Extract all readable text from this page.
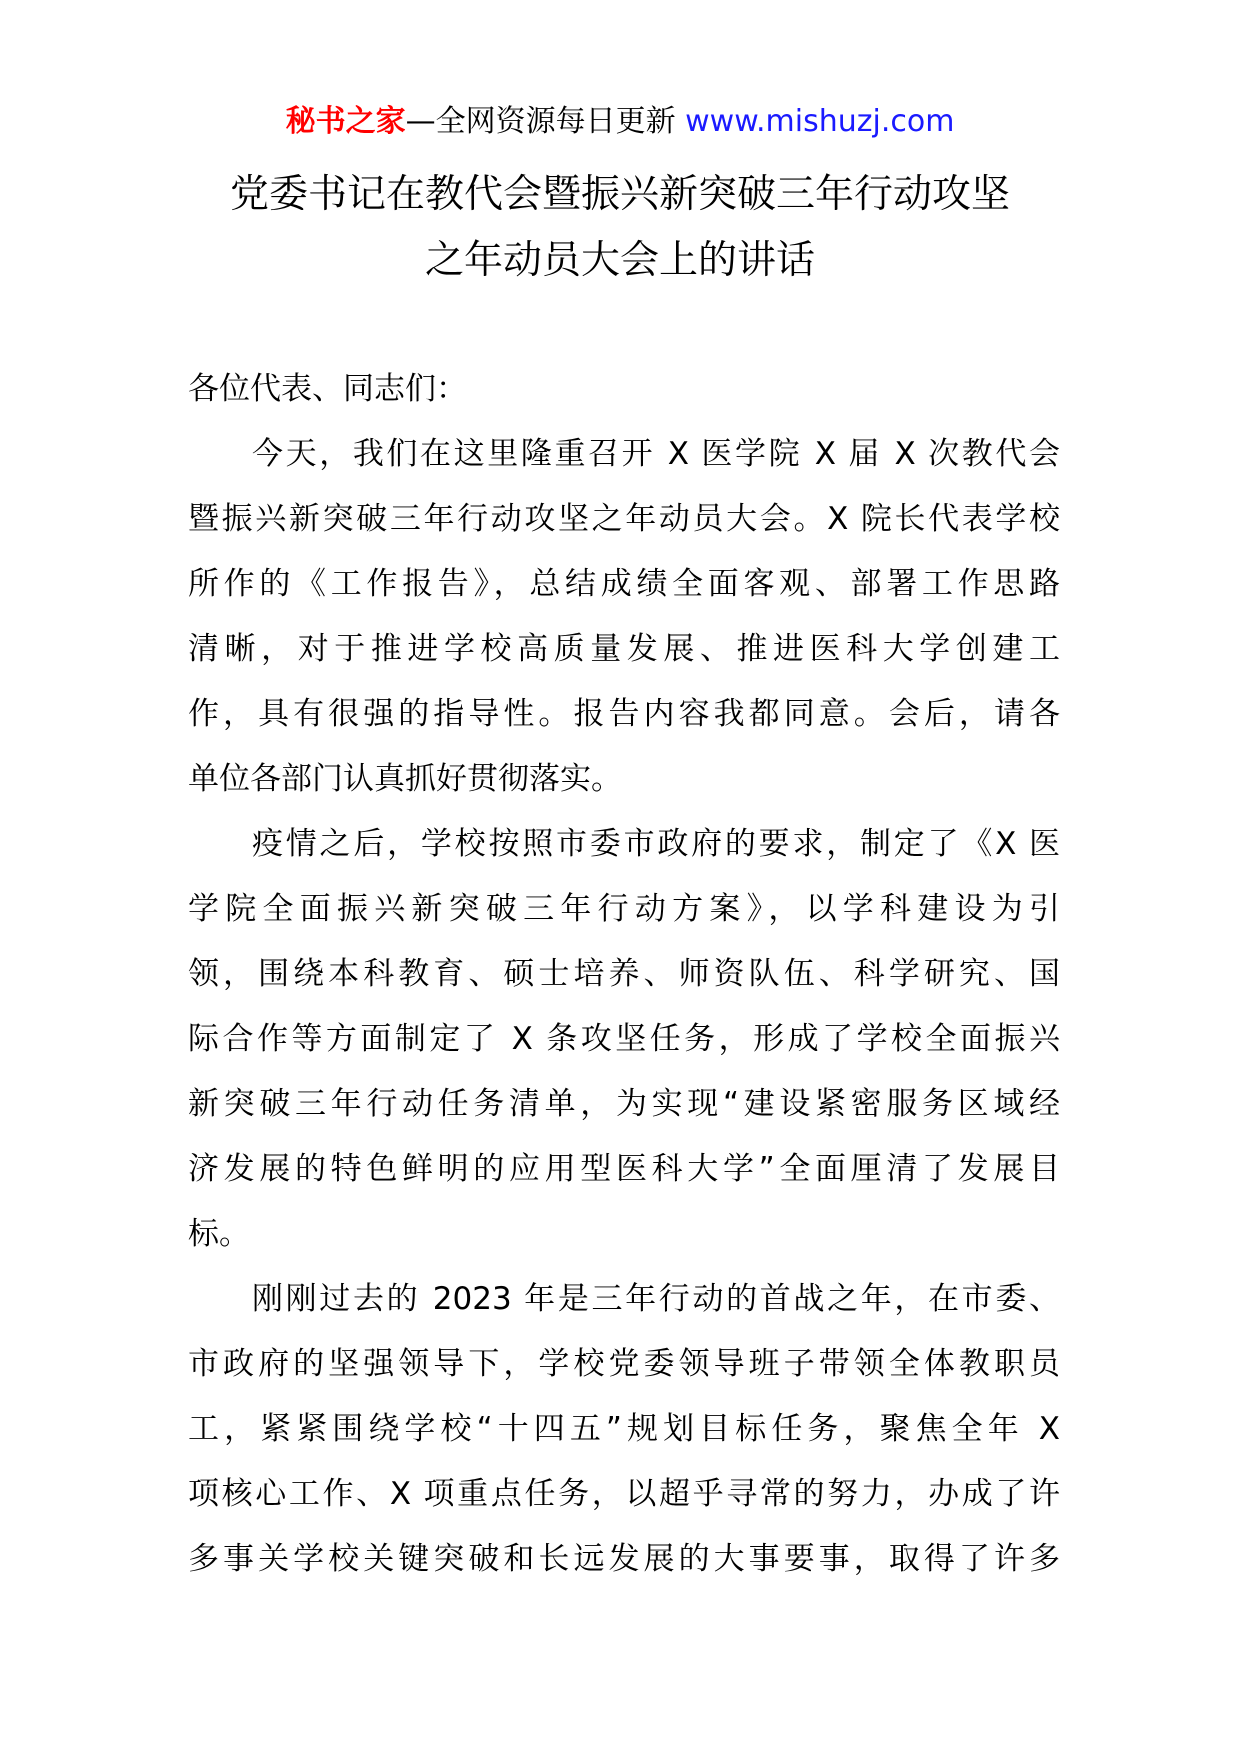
秘书之家—全网资源每日更新 www.mishuzj.com
党委书记在教代会暨振兴新突破三年行动攻坚
之年动员大会上的讲话

各位代表、同志们：

今天，我们在这里隆重召开 X 医学院 X 届 X 次教代会
暨振兴新突破三年行动攻坚之年动员大会。X 院长代表学校
所作的《工作报告》，总结成绩全面客观、部署工作思路
清晰，对于推进学校高质量发展、推进医科大学创建工
作，具有很强的指导性。报告内容我都同意。会后，请各
单位各部门认真抓好贯彻落实。
疫情之后，学校按照市委市政府的要求，制定了《X 医
学院全面振兴新突破三年行动方案》，以学科建设为引
领，围绕本科教育、硕士培养、师资队伍、科学研究、国
际合作等方面制定了 X 条攻坚任务，形成了学校全面振兴
新突破三年行动任务清单，为实现“建设紧密服务区域经
济发展的特色鲜明的应用型医科大学”全面厘清了发展目
标。
刚刚过去的 2023 年是三年行动的首战之年，在市委、
市政府的坚强领导下，学校党委领导班子带领全体教职员
工，紧紧围绕学校“十四五”规划目标任务，聚焦全年 X
项核心工作、X 项重点任务，以超乎寻常的努力，办成了许
多事关学校关键突破和长远发展的大事要事，取得了许多
